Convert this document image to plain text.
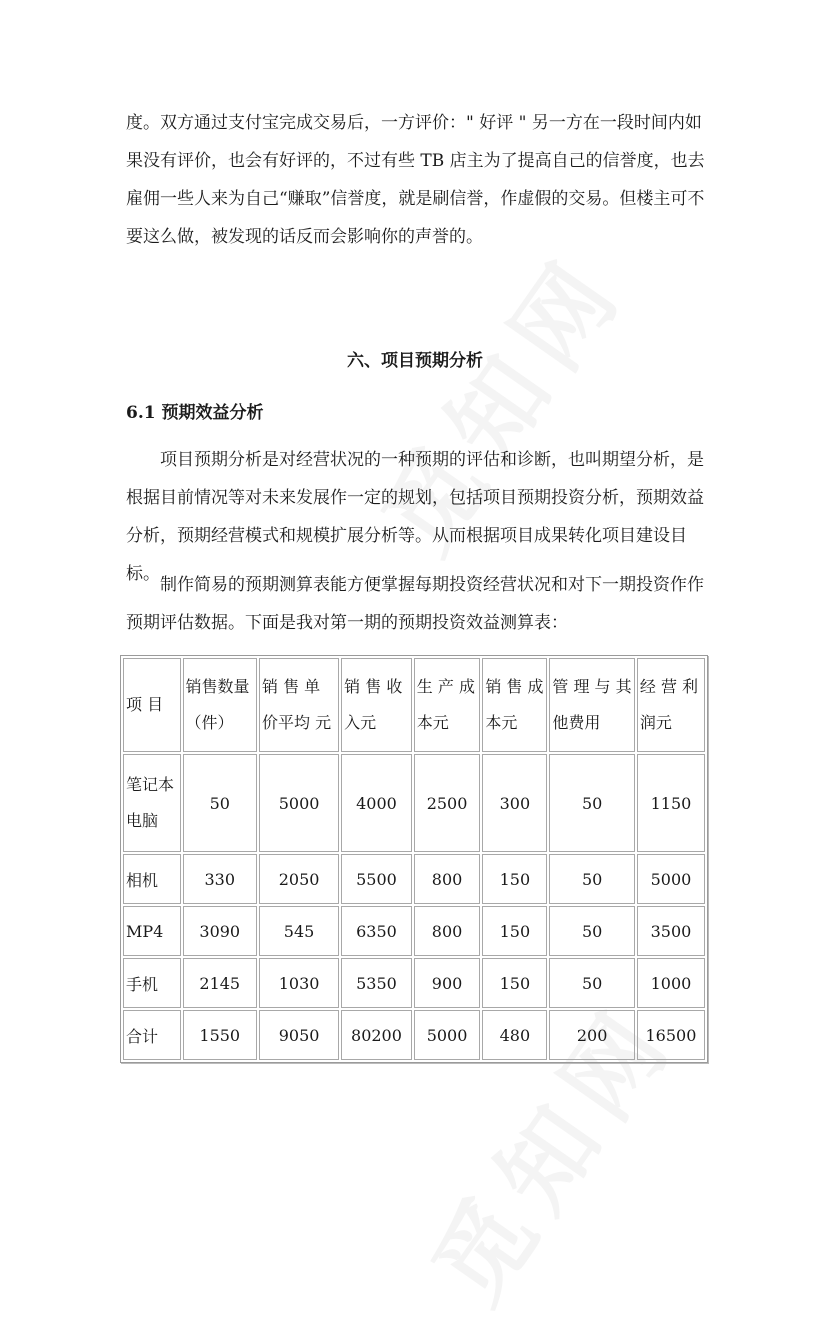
度。双方通过支付宝完成交易后，一方评价：" 好评 " 另一方在一段时间内如果没有评价，也会有好评的，不过有些 TB 店主为了提高自己的信誉度，也去雇佣一些人来为自己“赚取”信誉度，就是刷信誉，作虚假的交易。但楼主可不要这么做，被发现的话反而会影响你的声誉的。

六、项目预期分析
6.1 预期效益分析

项目预期分析是对经营状况的一种预期的评估和诊断，也叫期望分析，是根据目前情况等对未来发展作一定的规划，包括项目预期投资分析，预期效益分析，预期经营模式和规模扩展分析等。从而根据项目成果转化项目建设目标。

制作简易的预期测算表能方便掌握每期投资经营状况和对下一期投资作作预期评估数据。下面是我对第一期的预期投资效益测算表：

项 目	销售数量（件）	销 售 单 价平均 元	销 售 收入元	生 产 成本元	销 售 成本元	管 理 与 其他费用	经 营 利润元
笔记本电脑	50	5000	4000	2500	300	50	1150
相机	330	2050	5500	800	150	50	5000
MP4	3090	545	6350	800	150	50	3500
手机	2145	1030	5350	900	150	50	1000
合计	1550	9050	80200	5000	480	200	16500
